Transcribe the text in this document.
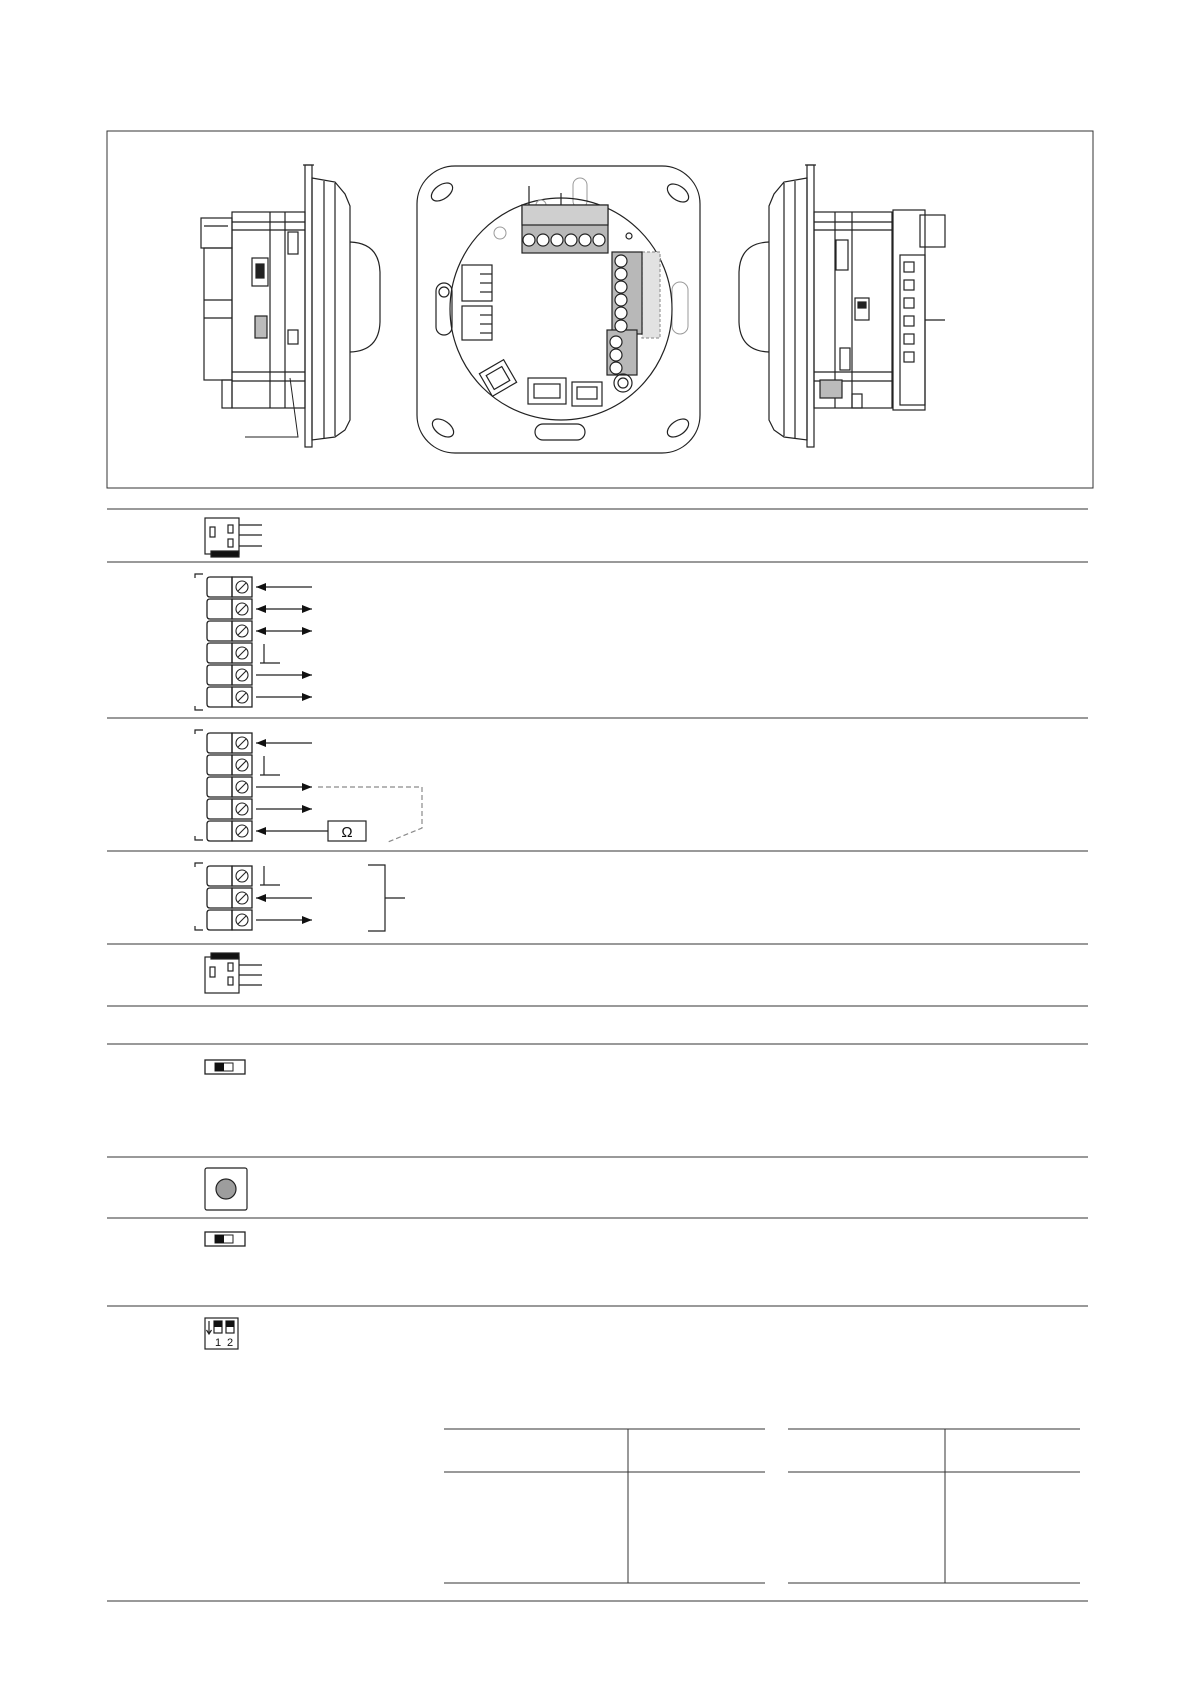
Ω
1 2
